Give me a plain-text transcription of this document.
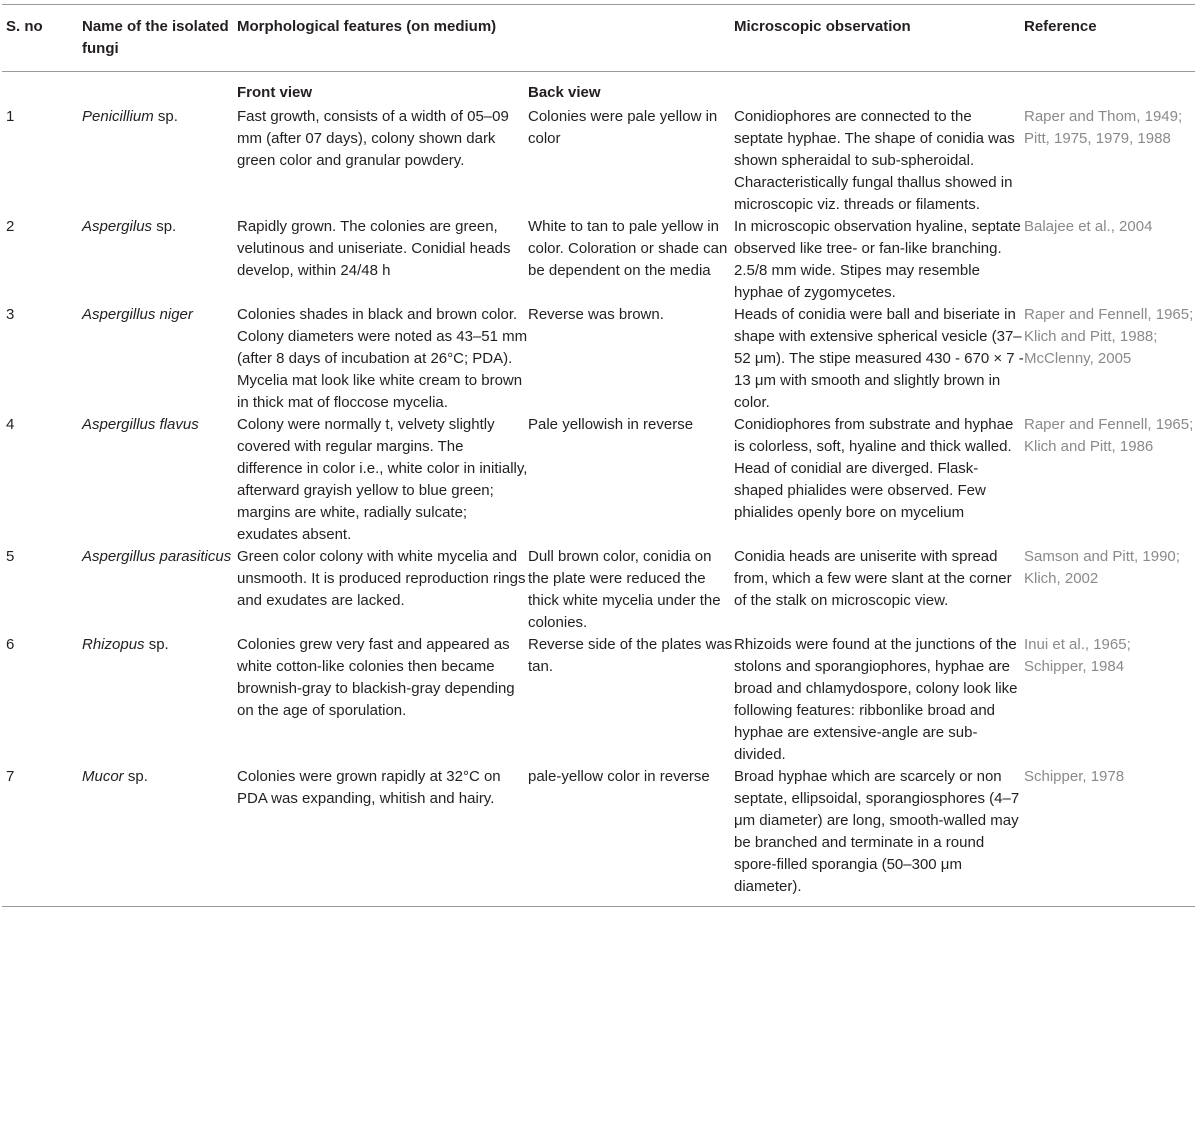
S. no	Name of the isolated fungi	Morphological features (on medium)		Microscopic observation	Reference
		Front view	Back view		
1	Penicillium sp.	Fast growth, consists of a width of 05–09 mm (after 07 days), colony shown dark green color and granular powdery.	Colonies were pale yellow in color	Conidiophores are connected to the septate hyphae. The shape of conidia was shown spheraidal to sub-spheroidal. Characteristically fungal thallus showed in microscopic viz. threads or filaments.	Raper and Thom, 1949; Pitt, 1975, 1979, 1988
2	Aspergilus sp.	Rapidly grown. The colonies are green, velutinous and uniseriate. Conidial heads develop, within 24/48 h	White to tan to pale yellow in color. Coloration or shade can be dependent on the media	In microscopic observation hyaline, septate observed like tree- or fan-like branching. 2.5/8 mm wide. Stipes may resemble hyphae of zygomycetes.	Balajee et al., 2004
3	Aspergillus niger	Colonies shades in black and brown color. Colony diameters were noted as 43–51 mm (after 8 days of incubation at 26°C; PDA). Mycelia mat look like white cream to brown in thick mat of floccose mycelia.	Reverse was brown.	Heads of conidia were ball and biseriate in shape with extensive spherical vesicle (37–52 μm). The stipe measured 430 - 670 × 7 - 13 μm with smooth and slightly brown in color.	Raper and Fennell, 1965; Klich and Pitt, 1988; McClenny, 2005
4	Aspergillus flavus	Colony were normally t, velvety slightly covered with regular margins. The difference in color i.e., white color in initially, afterward grayish yellow to blue green; margins are white, radially sulcate; exudates absent.	Pale yellowish in reverse	Conidiophores from substrate and hyphae is colorless, soft, hyaline and thick walled. Head of conidial are diverged. Flask-shaped phialides were observed. Few phialides openly bore on mycelium	Raper and Fennell, 1965; Klich and Pitt, 1986
5	Aspergillus parasiticus	Green color colony with white mycelia and unsmooth. It is produced reproduction rings and exudates are lacked.	Dull brown color, conidia on the plate were reduced the thick white mycelia under the colonies.	Conidia heads are uniserite with spread from, which a few were slant at the corner of the stalk on microscopic view.	Samson and Pitt, 1990; Klich, 2002
6	Rhizopus sp.	Colonies grew very fast and appeared as white cotton-like colonies then became brownish-gray to blackish-gray depending on the age of sporulation.	Reverse side of the plates was tan.	Rhizoids were found at the junctions of the stolons and sporangiophores, hyphae are broad and chlamydospore, colony look like following features: ribbonlike broad and hyphae are extensive-angle are sub-divided.	Inui et al., 1965; Schipper, 1984
7	Mucor sp.	Colonies were grown rapidly at 32°C on PDA was expanding, whitish and hairy.	pale-yellow color in reverse	Broad hyphae which are scarcely or non septate, ellipsoidal, sporangiosphores (4–7 μm diameter) are long, smooth-walled may be branched and terminate in a round spore-filled sporangia (50–300 μm diameter).	Schipper, 1978
